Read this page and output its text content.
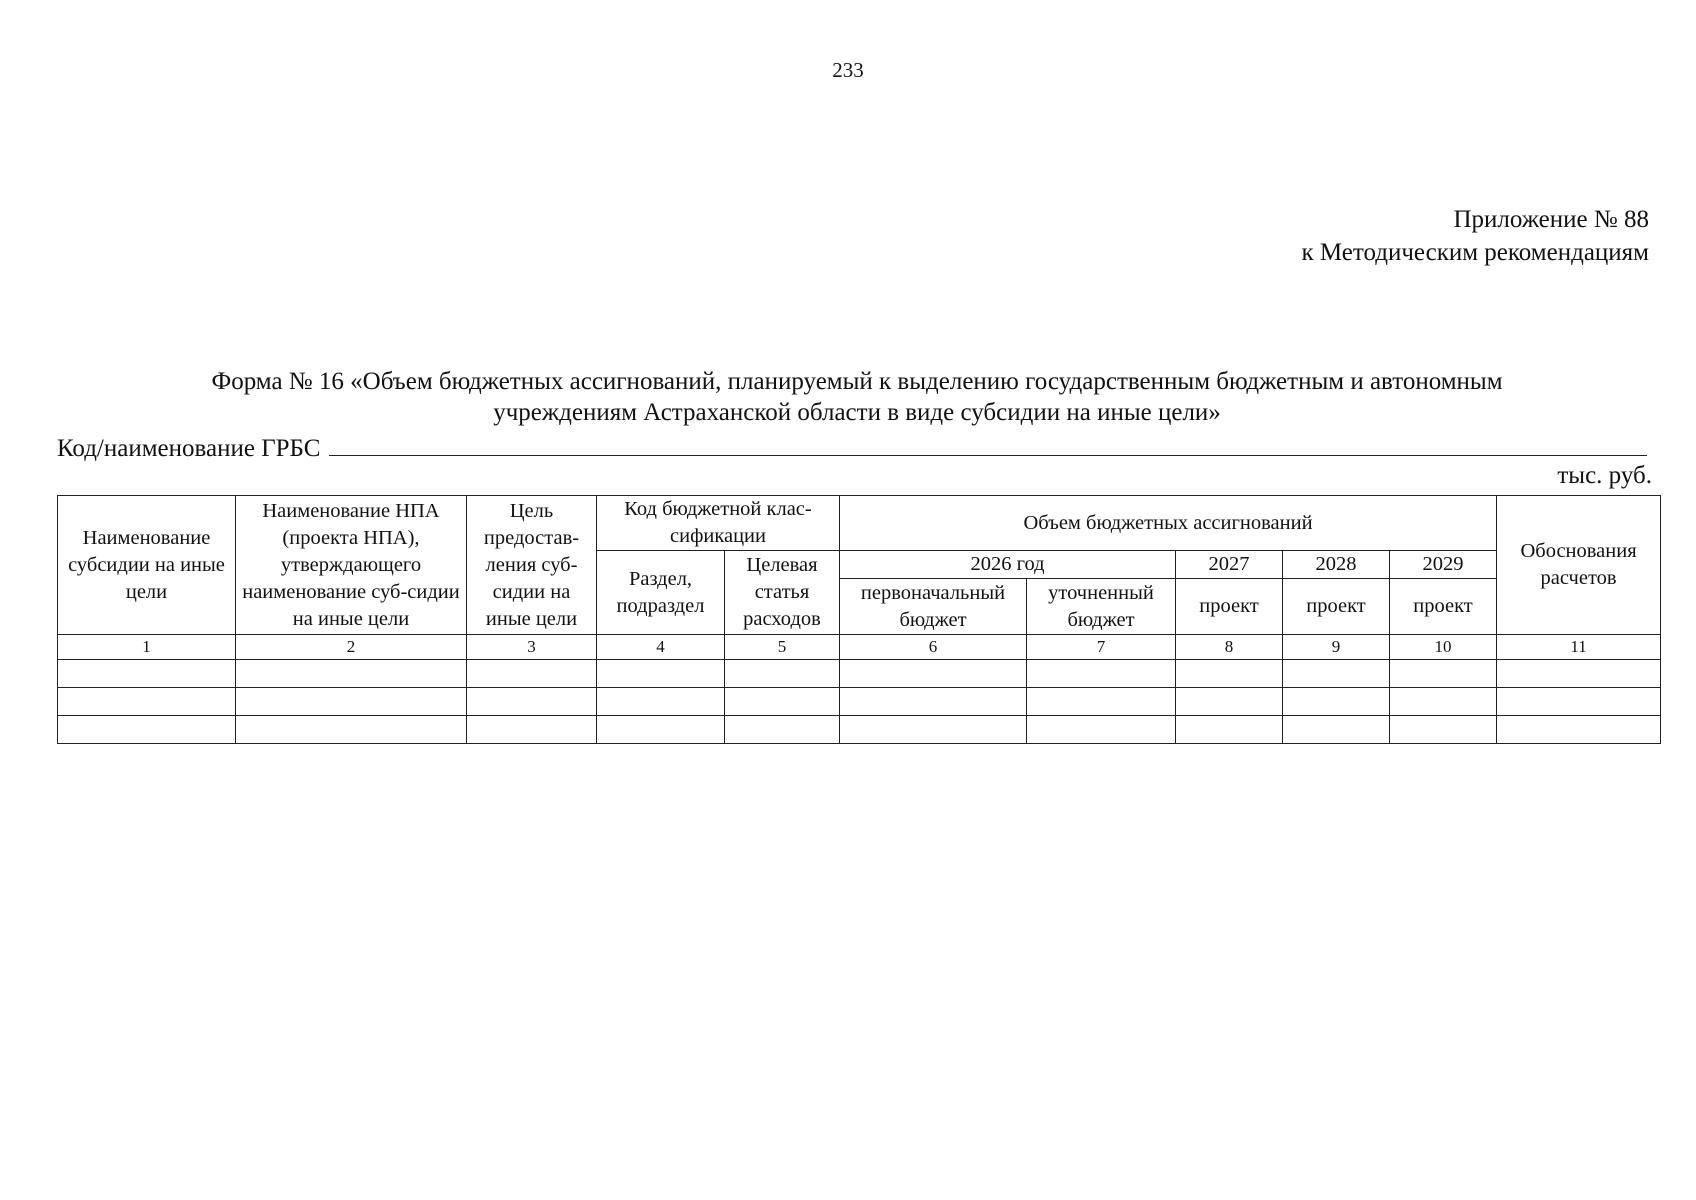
233
Приложение № 88
к Методическим рекомендациям
Форма № 16 «Объем бюджетных ассигнований, планируемый к выделению государственным бюджетным и автономным
учреждениям Астраханской области в виде субсидии на иные цели»
Код/наименование ГРБС
тыс. руб.
Наименование субсидии на иные цели	Наименование НПА (проекта НПА), утверждающего наименование суб-сидии на иные цели	Цель предостав-ления суб-сидии на иные цели	Код бюджетной клас-сификации		Объем бюджетных ассигнований					Обоснования расчетов
			Раздел, подраздел	Целевая статья расходов	2026 год		2027	2028	2029	
					первоначальный бюджет	уточненный бюджет	проект	проект	проект	
1	2	3	4	5	6	7	8	9	10	11
